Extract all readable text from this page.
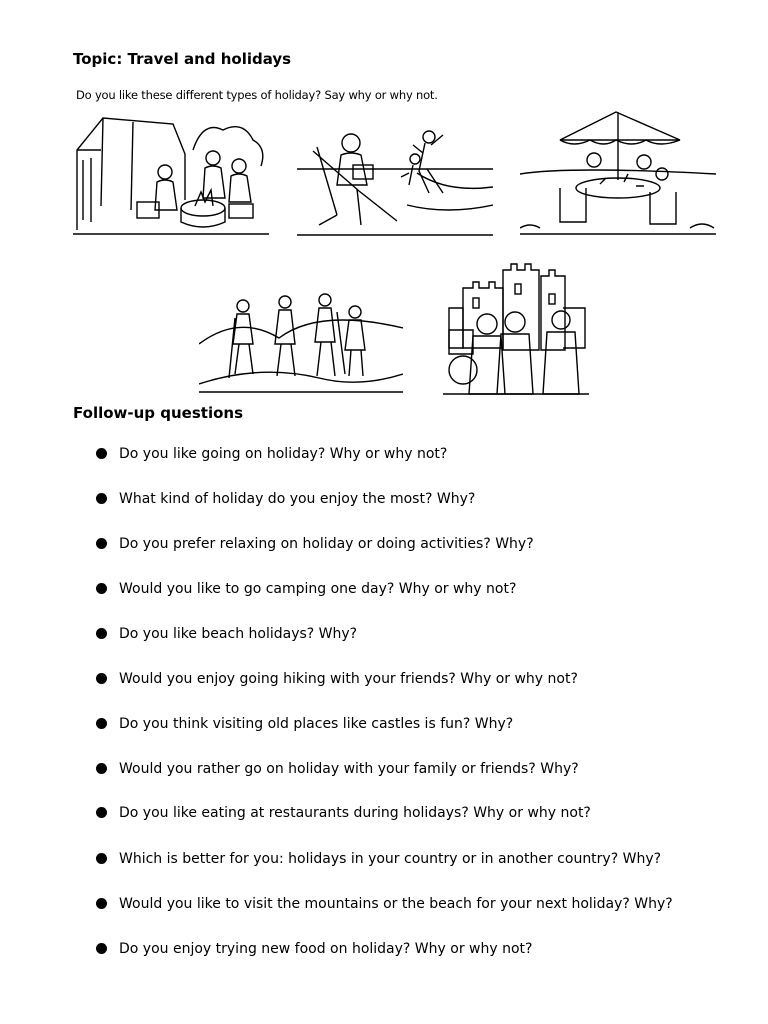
Topic: Travel and holidays
Do you like these different types of holiday? Say why or why not.
Follow-up questions
Do you like going on holiday? Why or why not?
What kind of holiday do you enjoy the most? Why?
Do you prefer relaxing on holiday or doing activities? Why?
Would you like to go camping one day? Why or why not?
Do you like beach holidays? Why?
Would you enjoy going hiking with your friends? Why or why not?
Do you think visiting old places like castles is fun? Why?
Would you rather go on holiday with your family or friends? Why?
Do you like eating at restaurants during holidays? Why or why not?
Which is better for you: holidays in your country or in another country? Why?
Would you like to visit the mountains or the beach for your next holiday? Why?
Do you enjoy trying new food on holiday? Why or why not?
